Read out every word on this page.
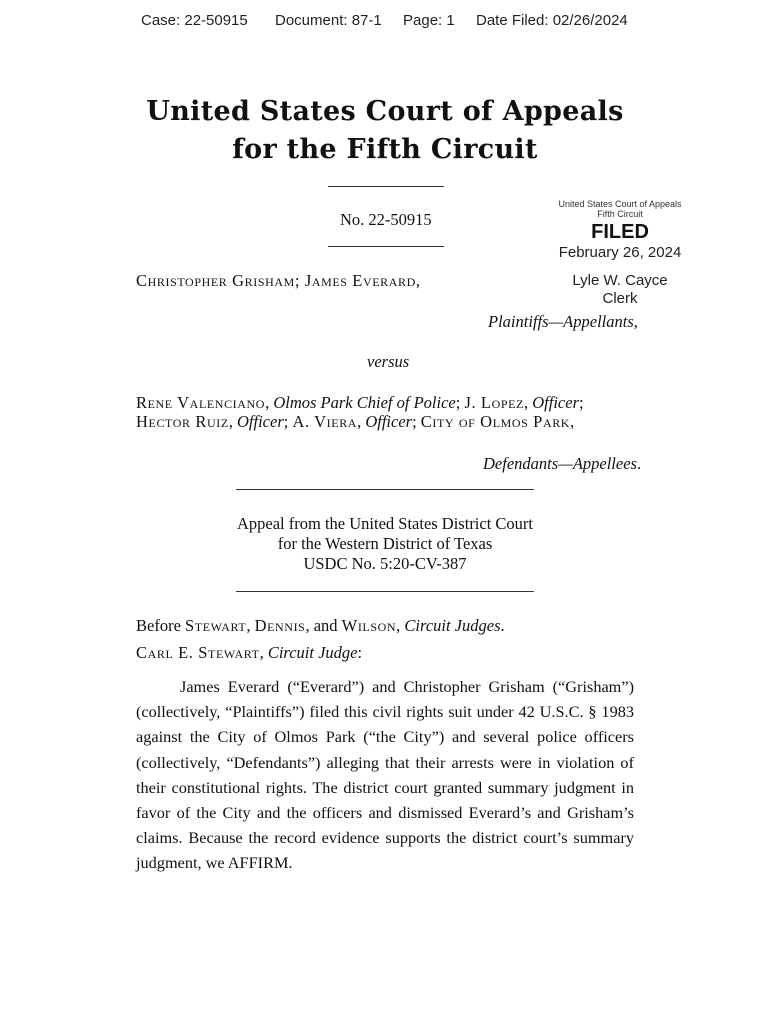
Case: 22-50915 Document: 87-1 Page: 1 Date Filed: 02/26/2024
United States Court of Appeals
for the Fifth Circuit
No. 22-50915
United States Court of Appeals
Fifth Circuit
FILED
February 26, 2024
Lyle W. Cayce
Clerk
Christopher Grisham; James Everard,
Plaintiffs—Appellants,
versus
Rene Valenciano, Olmos Park Chief of Police; J. Lopez, Officer;
Hector Ruiz, Officer; A. Viera, Officer; City of Olmos Park,
Defendants—Appellees.
Appeal from the United States District Court
for the Western District of Texas
USDC No. 5:20-CV-387
Before Stewart, Dennis, and Wilson, Circuit Judges.
Carl E. Stewart, Circuit Judge:

James Everard (“Everard”) and Christopher Grisham (“Grisham”) (collectively, “Plaintiffs”) filed this civil rights suit under 42 U.S.C. § 1983 against the City of Olmos Park (“the City”) and several police officers (collectively, “Defendants”) alleging that their arrests were in violation of their constitutional rights. The district court granted summary judgment in favor of the City and the officers and dismissed Everard’s and Grisham’s claims. Because the record evidence supports the district court’s summary judgment, we AFFIRM.
